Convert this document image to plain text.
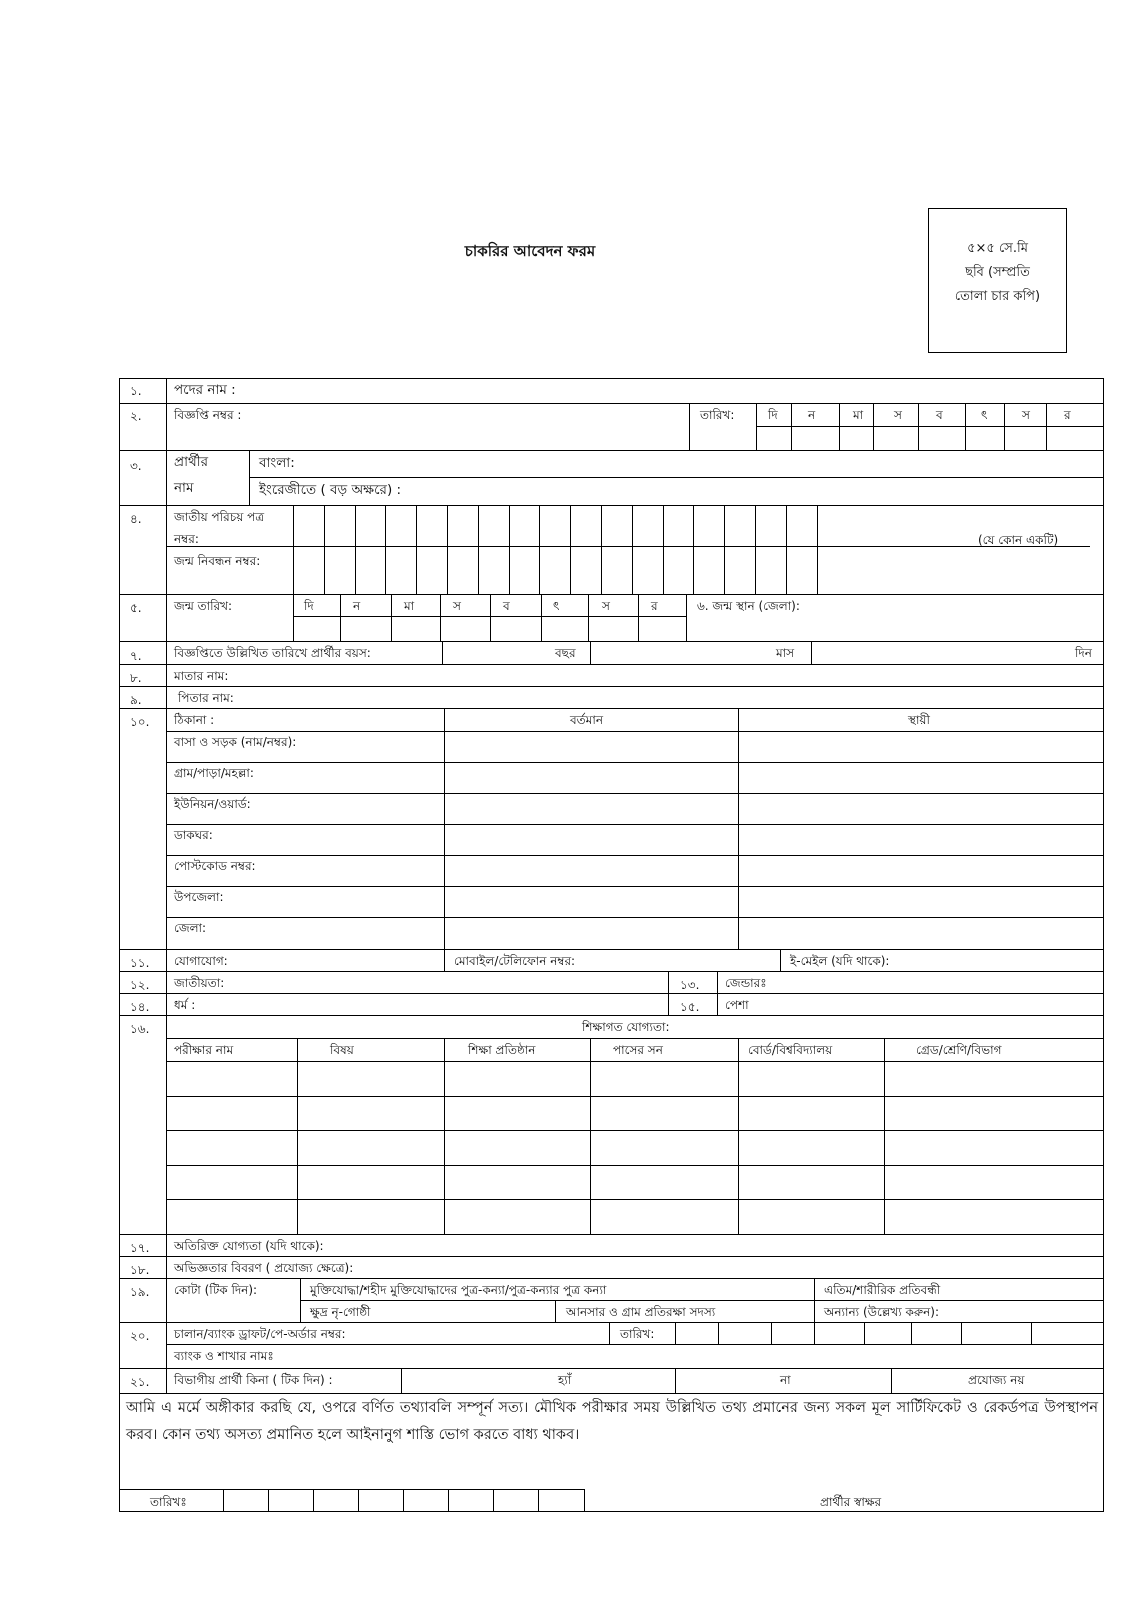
চাকরির আবেদন ফরম	৫×৫ সে.মি
ছবি (সম্প্রতি
তোলা চার কপি)
১. পদের নাম :
২.	বিজ্ঞপ্তি নম্বর :	তারিখ:	দি	ন	মা	স	ব	ৎ	স	র
৩. প্রার্থীর
নাম
বাংলা:
ইংরেজীতে ( বড় অক্ষরে) :
৪.	জাতীয় পরিচয় পত্র
নম্বর:
জন্ম নিবন্ধন নম্বর:
(যে কোন একটি)
৫.	জন্ম তারিখ:	দি	ন	মা	স	ব	ৎ	স	র	৬. জন্ম স্থান (জেলা):
৭.	বিজ্ঞপ্তিতে উল্লিখিত তারিখে প্রার্থীর বয়স:	বছর	মাস	দিন
৮.	মাতার নাম:
৯.	পিতার নাম:
১০. ঠিকানা :	বর্তমান	স্থায়ী
বাসা ও সড়ক (নাম/নম্বর):
গ্রাম/পাড়া/মহল্লা:
ইউনিয়ন/ওয়ার্ড:
ডাকঘর:
পোস্টকোড নম্বর:
উপজেলা:
জেলা:
১১. যোগাযোগ:	মোবাইল/টেলিফোন নম্বর:	ই-মেইল (যদি থাকে):
১২. জাতীয়তা:	১৩. জেন্ডারঃ
১৪. ধর্ম :	১৫. পেশা
১৬.	শিক্ষাগত যোগ্যতা:
পরীক্ষার নাম	বিষয়	শিক্ষা প্রতিষ্ঠান	পাসের সন	বোর্ড/বিশ্ববিদ্যালয়	গ্রেড/শ্রেণি/বিভাগ
১৭. অতিরিক্ত যোগ্যতা (যদি থাকে):
১৮. অভিজ্ঞতার বিবরণ ( প্রযোজ্য ক্ষেত্রে):
১৯. কোটা (টিক দিন):	মুক্তিযোদ্ধা/শহীদ মুক্তিযোদ্ধাদের পুত্র-কন্যা/পুত্র-কন্যার পুত্র কন্যা	এতিম/শারীরিক প্রতিবন্ধী
ক্ষুদ্র নৃ-গোষ্ঠী	আনসার ও গ্রাম প্রতিরক্ষা সদস্য	অন্যান্য (উল্লেখ্য করুন):
২০. চালান/ব্যাংক ড্রাফট/পে-অর্ডার নম্বর:	তারিখ:
ব্যাংক ও শাখার নামঃ
২১. বিভাগীয় প্রার্থী কিনা ( টিক দিন) :	হ্যাঁ	না	প্রযোজ্য নয়
আমি এ মর্মে অঙ্গীকার করছি যে, ওপরে বর্ণিত তথ্যাবলি সম্পূর্ন সত্য। মৌখিক পরীক্ষার সময় উল্লিখিত তথ্য প্রমানের জন্য সকল মূল সার্টিফিকেট ও রেকর্ডপত্র উপস্থাপন করব। কোন তথ্য অসত্য প্রমানিত হলে আইনানুগ শাস্তি ভোগ করতে বাধ্য থাকব।
তারিখঃ	প্রার্থীর স্বাক্ষর
